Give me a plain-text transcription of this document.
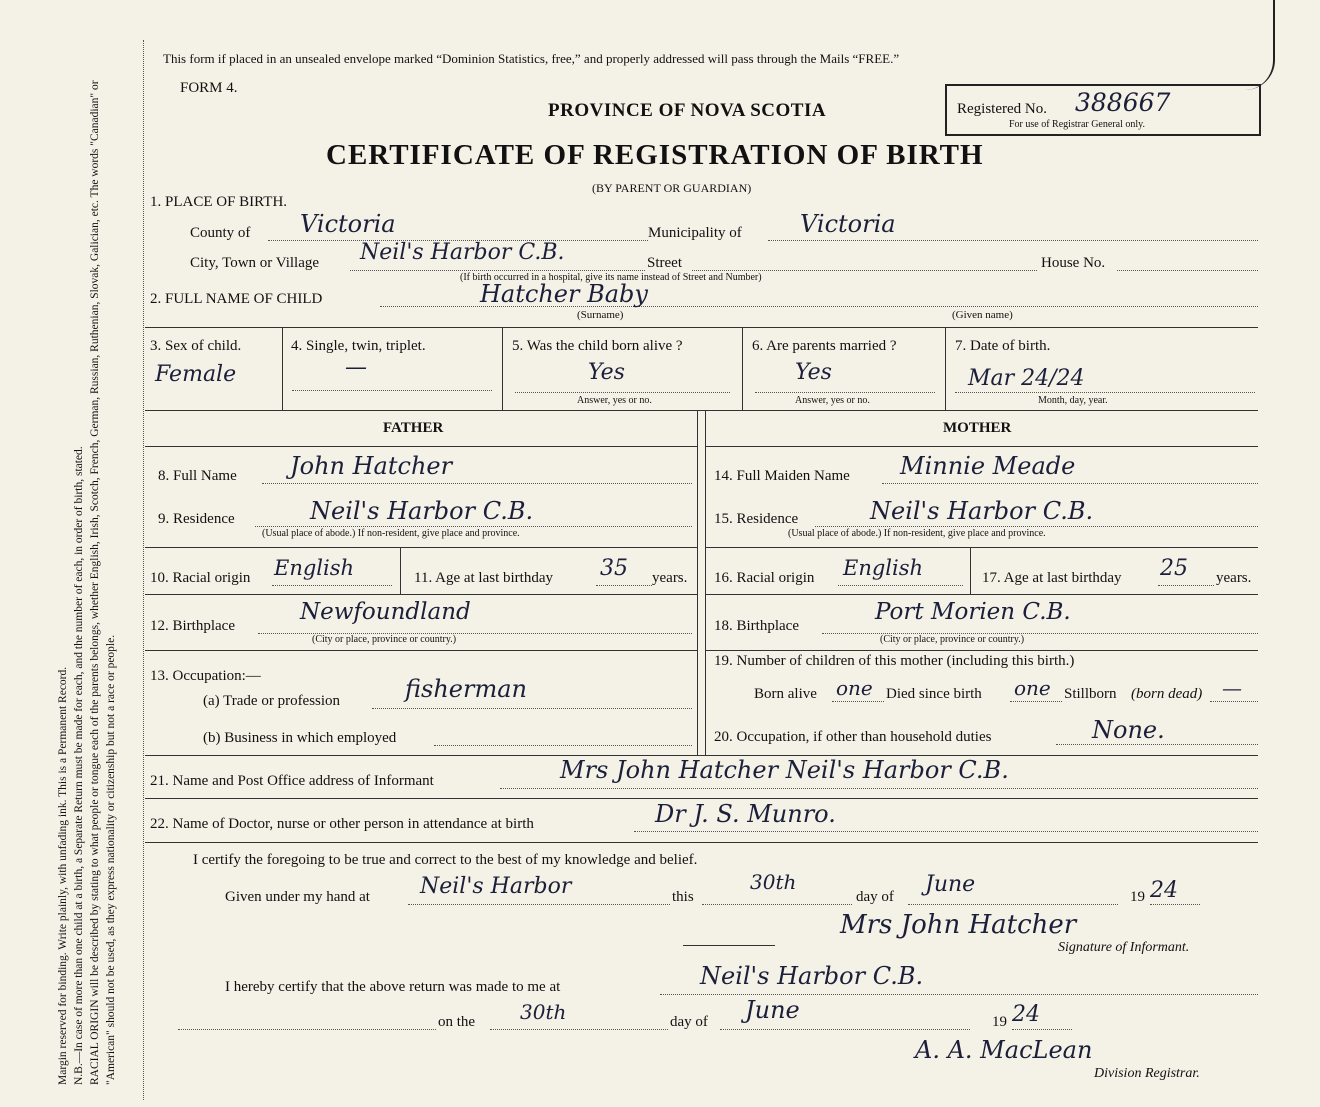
Margin reserved for binding. Write plainly, with unfading ink. This is a Permanent Record. N.B.—In case of more than one child at a birth, a Separate Return must be made for each, and the number of each, in order of birth, stated. RACIAL ORIGIN will be described by stating to what people or tongue each of the parents belongs, whether English, Irish, Scotch, French, German, Russian, Ruthenian, Slovak, Galician, etc. The words "Canadian" or "American" should not be used, as they express nationality or citizenship but not a race or people.
This form if placed in an unsealed envelope marked “Dominion Statistics, free,” and properly addressed will pass through the Mails “FREE.”
FORM 4.
PROVINCE OF NOVA SCOTIA
CERTIFICATE OF REGISTRATION OF BIRTH
(BY PARENT OR GUARDIAN)
Registered No. 388667
For use of Registrar General only.
1. PLACE OF BIRTH.
County of Victoria	Municipality of Victoria
City, Town or Village Neil's Harbor C.B.	Street	House No.
(If birth occurred in a hospital, give its name instead of Street and Number)
2. FULL NAME OF CHILD	Hatcher Baby
(Surname)	(Given name)
3. Sex of child.
Female
4. Single, twin, triplet.
—
5. Was the child born alive ?
Yes
Answer, yes or no.
6. Are parents married ?
Yes
Answer, yes or no.
7. Date of birth.
Mar 24/24
Month, day, year.
FATHER	MOTHER
8. Full Name John Hatcher
9. Residence	Neil's Harbor C.B.
(Usual place of abode.) If non-resident, give place and province.
10. Racial origin English	11. Age at last birthday 35 years.
12. Birthplace
Newfoundland
(City or place, province or country.)
13. Occupation:—
(a) Trade or profession	fisherman
(b) Business in which employed
14. Full Maiden Name Minnie Meade
15. Residence	Neil's Harbor C.B.
(Usual place of abode.) If non-resident, give place and province.
16. Racial origin English	17. Age at last birthday 25 years.
18. Birthplace
Port Morien C.B.
(City or place, province or country.)
19. Number of children of this mother (including this birth.)
Born alive one Died since birth one Stillborn (born dead) —
20. Occupation, if other than household duties	None.
21. Name and Post Office address of Informant	Mrs John Hatcher Neil's Harbor C.B.
22. Name of Doctor, nurse or other person in attendance at birth	Dr J. S. Munro.
I certify the foregoing to be true and correct to the best of my knowledge and belief.
Given under my hand at Neil's Harbor	this
30th
day of June	19 24
Mrs John Hatcher
Signature of Informant.
I hereby certify that the above return was made to me at	Neil's Harbor C.B.
on the 30th	day of June	19 24
A. A. MacLean
Division Registrar.
